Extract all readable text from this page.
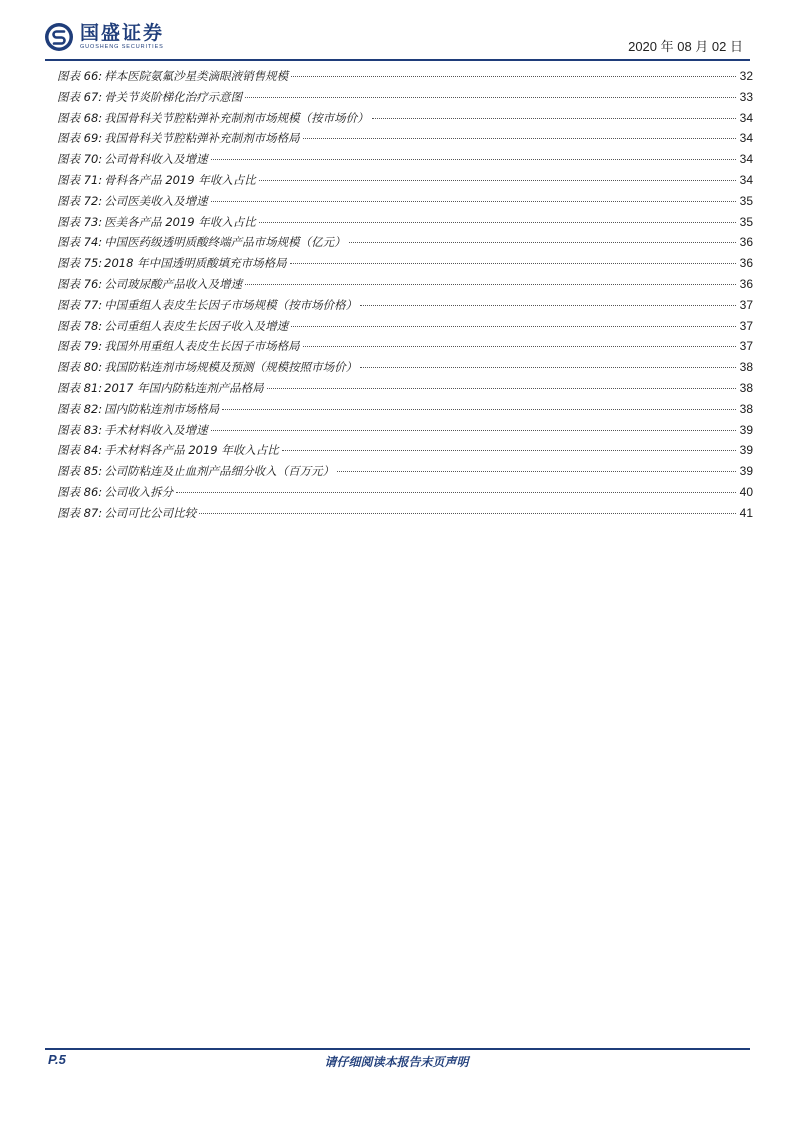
国盛证券
GUOSHENG SECURITIES	2020 年 08 月 02 日
图表 66: 样本医院氨氟沙星类滴眼液销售规模	32
图表 67: 骨关节炎阶梯化治疗示意图	33
图表 68: 我国骨科关节腔粘弹补充制剂市场规模（按市场价）	34
图表 69: 我国骨科关节腔粘弹补充制剂市场格局	34
图表 70: 公司骨科收入及增速	34
图表 71: 骨科各产品 2019 年收入占比	34
图表 72: 公司医美收入及增速	35
图表 73: 医美各产品 2019 年收入占比	35
图表 74: 中国医药级透明质酸终端产品市场规模（亿元）	36
图表 75: 2018 年中国透明质酸填充市场格局	36
图表 76: 公司玻尿酸产品收入及增速	36
图表 77: 中国重组人表皮生长因子市场规模（按市场价格）	37
图表 78: 公司重组人表皮生长因子收入及增速	37
图表 79: 我国外用重组人表皮生长因子市场格局	37
图表 80: 我国防粘连剂市场规模及预测（规模按照市场价）	38
图表 81: 2017 年国内防粘连剂产品格局	38
图表 82: 国内防粘连剂市场格局	38
图表 83: 手术材料收入及增速	39
图表 84: 手术材料各产品 2019 年收入占比	39
图表 85: 公司防粘连及止血剂产品细分收入（百万元）	39
图表 86: 公司收入拆分	40
图表 87: 公司可比公司比较	41
P.5	请仔细阅读本报告末页声明
